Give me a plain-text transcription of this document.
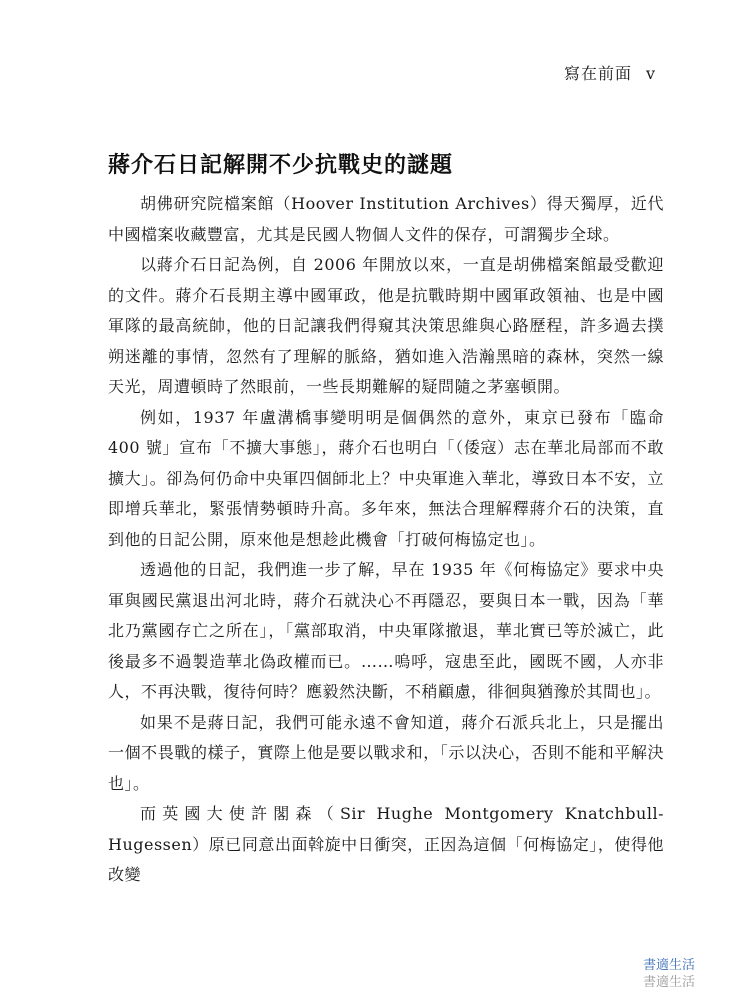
寫在前面 v
蔣介石日記解開不少抗戰史的謎題

胡佛研究院檔案館（Hoover Institution Archives）得天獨厚，近代中國檔案收藏豐富，尤其是民國人物個人文件的保存，可謂獨步全球。

以蔣介石日記為例，自 2006 年開放以來，一直是胡佛檔案館最受歡迎的文件。蔣介石長期主導中國軍政，他是抗戰時期中國軍政領袖、也是中國軍隊的最高統帥，他的日記讓我們得窺其決策思維與心路歷程，許多過去撲朔迷離的事情，忽然有了理解的脈絡，猶如進入浩瀚黑暗的森林，突然一線天光，周遭頓時了然眼前，一些長期難解的疑問隨之茅塞頓開。

例如，1937 年盧溝橋事變明明是個偶然的意外，東京已發布「臨命 400 號」宣布「不擴大事態」，蔣介石也明白「（倭寇）志在華北局部而不敢擴大」。卻為何仍命中央軍四個師北上？中央軍進入華北，導致日本不安，立即增兵華北，緊張情勢頓時升高。多年來，無法合理解釋蔣介石的決策，直到他的日記公開，原來他是想趁此機會「打破何梅協定也」。

透過他的日記，我們進一步了解，早在 1935 年《何梅協定》要求中央軍與國民黨退出河北時，蔣介石就決心不再隱忍，要與日本一戰，因為「華北乃黨國存亡之所在」，「黨部取消，中央軍隊撤退，華北實已等於滅亡，此後最多不過製造華北偽政權而已。……嗚呼，寇患至此，國既不國，人亦非人，不再決戰，復待何時？應毅然決斷，不稍顧慮，徘徊與猶豫於其間也」。

如果不是蔣日記，我們可能永遠不會知道，蔣介石派兵北上，只是擺出一個不畏戰的樣子，實際上他是要以戰求和，「示以決心，否則不能和平解決也」。

而英國大使許閣森（Sir Hughe Montgomery Knatchbull-Hugessen）原已同意出面斡旋中日衝突，正因為這個「何梅協定」，使得他改變

書適生活
書適生活
